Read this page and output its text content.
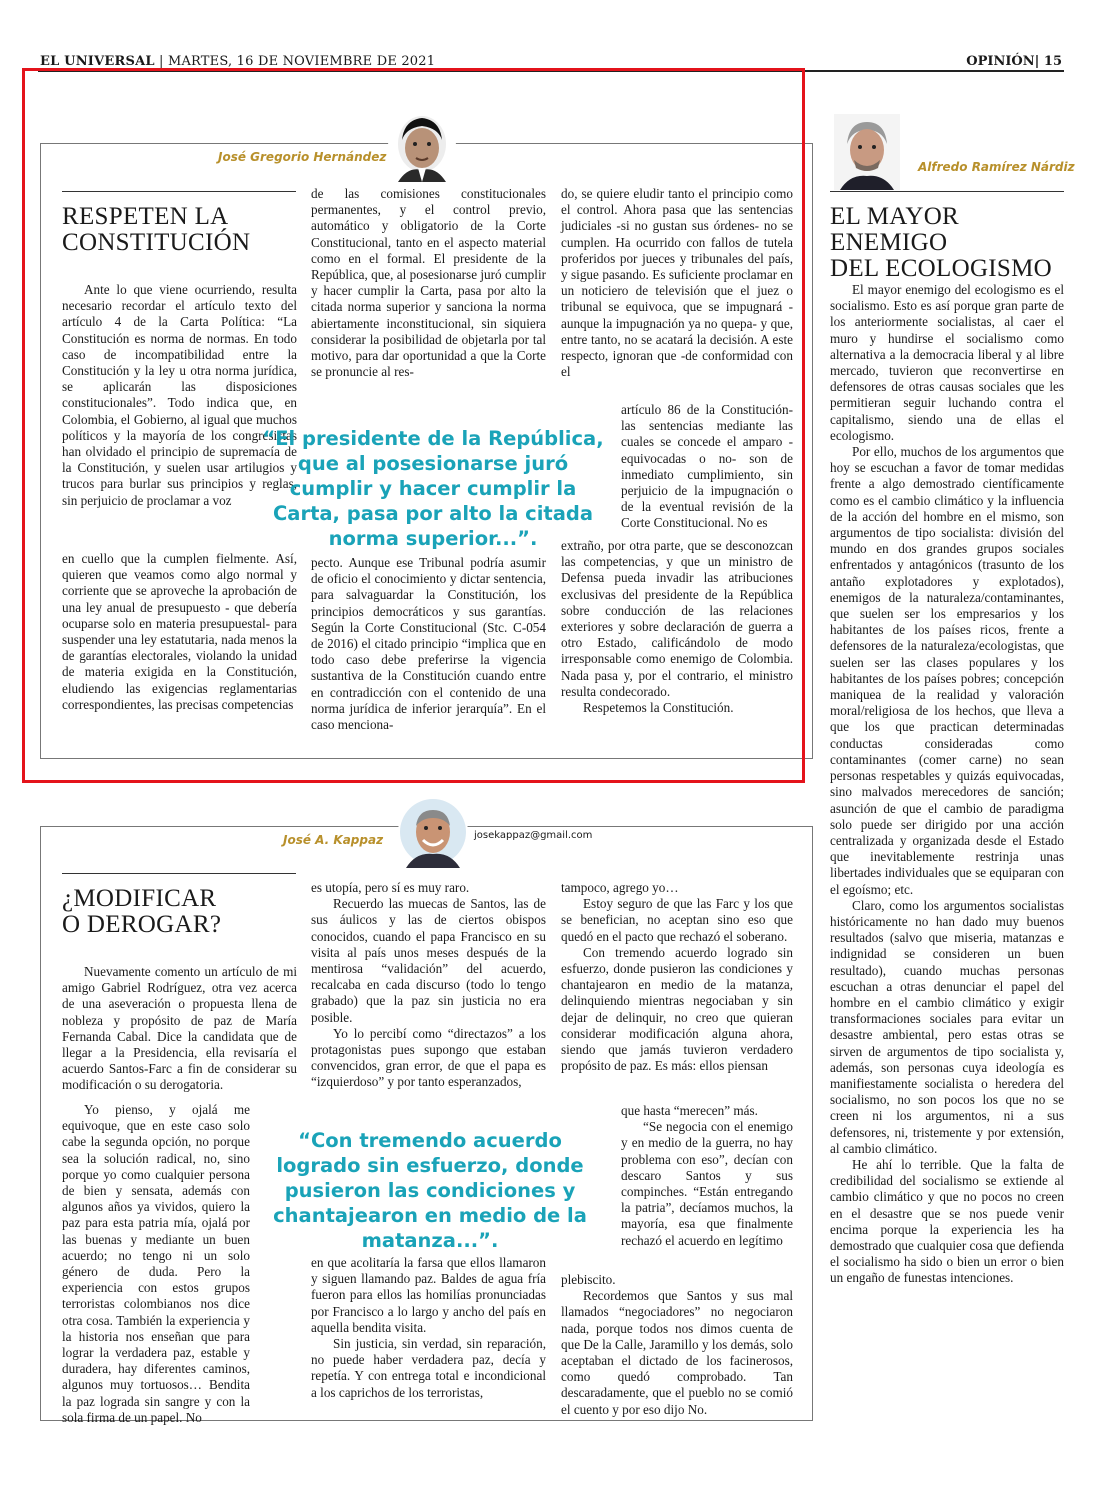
EL UNIVERSAL | MARTES, 16 DE NOVIEMBRE DE 2021	OPINIÓN| 15
José Gregorio Hernández
RESPETEN LA
CONSTITUCIÓN

Ante lo que viene ocurriendo, resulta necesario recordar el artículo texto del artículo 4 de la Carta Política: “La Constitución es norma de normas. En todo caso de incompatibilidad entre la Constitución y la ley u otra norma jurídica, se aplicarán las disposiciones constitucionales”. Todo indica que, en Colombia, el Gobierno, al igual que muchos políticos y la mayoría de los congresistas han olvidado el principio de supremacía de la Constitución, y suelen usar artilugios y trucos para burlar sus principios y reglas, sin perjuicio de proclamar a voz

en cuello que la cumplen fielmente. Así, quieren que veamos como algo normal y corriente que se aproveche la aprobación de una ley anual de presupuesto - que debería ocuparse solo en materia presupuestal- para suspender una ley estatutaria, nada menos la de garantías electorales, violando la unidad de materia exigida en la Constitución, eludiendo las exigencias reglamentarias correspondientes, las precisas competencias

de las comisiones constitucionales permanentes, y el control previo, automático y obligatorio de la Corte Constitucional, tanto en el aspecto material como en el formal. El presidente de la República, que, al posesionarse juró cumplir y hacer cumplir la Carta, pasa por alto la citada norma superior y sanciona la norma abiertamente inconstitucional, sin siquiera considerar la posibilidad de objetarla por tal motivo, para dar oportunidad a que la Corte se pronuncie al res-

“El presidente de la República, que al posesionarse juró cumplir y hacer cumplir la Carta, pasa por alto la citada norma superior...”.

pecto. Aunque ese Tribunal podría asumir de oficio el conocimiento y dictar sentencia, para salvaguardar la Constitución, los principios democráticos y sus garantías. Según la Corte Constitucional (Stc. C-054 de 2016) el citado principio “implica que en todo caso debe preferirse la vigencia sustantiva de la Constitución cuando entre en contradicción con el contenido de una norma jurídica de inferior jerarquía”. En el caso menciona-

do, se quiere eludir tanto el principio como el control. Ahora pasa que las sentencias judiciales -si no gustan sus órdenes- no se cumplen. Ha ocurrido con fallos de tutela proferidos por jueces y tribunales del país, y sigue pasando. Es suficiente proclamar en un noticiero de televisión que el juez o tribunal se equivoca, que se impugnará -aunque la impugnación ya no quepa- y que, entre tanto, no se acatará la decisión. A este respecto, ignoran que -de conformidad con el

artículo 86 de la Constitución- las sentencias mediante las cuales se concede el amparo - equivocadas o no- son de inmediato cumplimiento, sin perjuicio de la impugnación o de la eventual revisión de la Corte Constitucional. No es

extraño, por otra parte, que se desconozcan las competencias, y que un ministro de Defensa pueda invadir las atribuciones exclusivas del presidente de la República sobre conducción de las relaciones exteriores y sobre declaración de guerra a otro Estado, calificándolo de modo irresponsable como enemigo de Colombia. Nada pasa y, por el contrario, el ministro resulta condecorado.

Respetemos la Constitución.

José A. Kappaz	josekappaz@gmail.com
¿MODIFICAR
O DEROGAR?

Nuevamente comento un artículo de mi amigo Gabriel Rodríguez, otra vez acerca de una aseveración o propuesta llena de nobleza y propósito de paz de María Fernanda Cabal. Dice la candidata que de llegar a la Presidencia, ella revisaría el acuerdo Santos-Farc a fin de considerar su modificación o su derogatoria.

Yo pienso, y ojalá me equivoque, que en este caso solo cabe la segunda opción, no porque sea la solución radical, no, sino porque yo como cualquier persona de bien y sensata, además con algunos años ya vividos, quiero la paz para esta patria mía, ojalá por las buenas y mediante un buen acuerdo; no tengo ni un solo género de duda. Pero la experiencia con estos grupos terroristas colombianos nos dice otra cosa. También la experiencia y la historia nos enseñan que para lograr la verdadera paz, estable y duradera, hay diferentes caminos, algunos muy tortuosos… Bendita la paz lograda sin sangre y con la sola firma de un papel. No

es utopía, pero sí es muy raro.

Recuerdo las muecas de Santos, las de sus áulicos y las de ciertos obispos conocidos, cuando el papa Francisco en su visita al país unos meses después de la mentirosa “validación” del acuerdo, recalcaba en cada discurso (todo lo tengo grabado) que la paz sin justicia no era posible.

Yo lo percibí como “directazos” a los protagonistas pues supongo que estaban convencidos, gran error, de que el papa es “izquierdoso” y por tanto esperanzados,

“Con tremendo acuerdo logrado sin esfuerzo, donde pusieron las condiciones y chantajearon en medio de la matanza...”.

en que acolitaría la farsa que ellos llamaron y siguen llamando paz. Baldes de agua fría fueron para ellos las homilías pronunciadas por Francisco a lo largo y ancho del país en aquella bendita visita.

Sin justicia, sin verdad, sin reparación, no puede haber verdadera paz, decía y repetía. Y con entrega total e incondicional a los caprichos de los terroristas,

tampoco, agrego yo…

Estoy seguro de que las Farc y los que se benefician, no aceptan sino eso que quedó en el pacto que rechazó el soberano.

Con tremendo acuerdo logrado sin esfuerzo, donde pusieron las condiciones y chantajearon en medio de la matanza, delinquiendo mientras negociaban y sin dejar de delinquir, no creo que quieran considerar modificación alguna ahora, siendo que jamás tuvieron verdadero propósito de paz. Es más: ellos piensan

que hasta “merecen” más.

“Se negocia con el enemigo y en medio de la guerra, no hay problema con eso”, decían con descaro Santos y sus compinches. “Están entregando la patria”, decíamos muchos, la mayoría, esa que finalmente rechazó el acuerdo en legítimo

plebiscito.

Recordemos que Santos y sus mal llamados “negociadores” no negociaron nada, porque todos nos dimos cuenta de que De la Calle, Jaramillo y los demás, solo aceptaban el dictado de los facinerosos, como quedó comprobado. Tan descaradamente, que el pueblo no se comió el cuento y por eso dijo No.

Alfredo Ramírez Nárdiz
EL MAYOR ENEMIGO
DEL ECOLOGISMO

El mayor enemigo del ecologismo es el socialismo. Esto es así porque gran parte de los anteriormente socialistas, al caer el muro y hundirse el socialismo como alternativa a la democracia liberal y al libre mercado, tuvieron que reconvertirse en defensores de otras causas sociales que les permitieran seguir luchando contra el capitalismo, siendo una de ellas el ecologismo.

Por ello, muchos de los argumentos que hoy se escuchan a favor de tomar medidas frente a algo demostrado científicamente como es el cambio climático y la influencia de la acción del hombre en el mismo, son argumentos de tipo socialista: división del mundo en dos grandes grupos sociales enfrentados y antagónicos (trasunto de los antaño explotadores y explotados), enemigos de la naturaleza/contaminantes, que suelen ser los empresarios y los habitantes de los países ricos, frente a defensores de la naturaleza/ecologistas, que suelen ser las clases populares y los habitantes de los países pobres; concepción maniquea de la realidad y valoración moral/religiosa de los hechos, que lleva a que los que practican determinadas conductas consideradas como contaminantes (comer carne) no sean personas respetables y quizás equivocadas, sino malvados merecedores de sanción; asunción de que el cambio de paradigma solo puede ser dirigido por una acción centralizada y organizada desde el Estado que inevitablemente restrinja unas libertades individuales que se equiparan con el egoísmo; etc.

Claro, como los argumentos socialistas históricamente no han dado muy buenos resultados (salvo que miseria, matanzas e indignidad se consideren un buen resultado), cuando muchas personas escuchan a otras denunciar el papel del hombre en el cambio climático y exigir transformaciones sociales para evitar un desastre ambiental, pero estas otras se sirven de argumentos de tipo socialista y, además, son personas cuya ideología es manifiestamente socialista o heredera del socialismo, no son pocos los que no se creen ni los argumentos, ni a sus defensores, ni, tristemente y por extensión, al cambio climático.

He ahí lo terrible. Que la falta de credibilidad del socialismo se extiende al cambio climático y que no pocos no creen en el desastre que se nos puede venir encima porque la experiencia les ha demostrado que cualquier cosa que defienda el socialismo ha sido o bien un error o bien un engaño de funestas intenciones.
